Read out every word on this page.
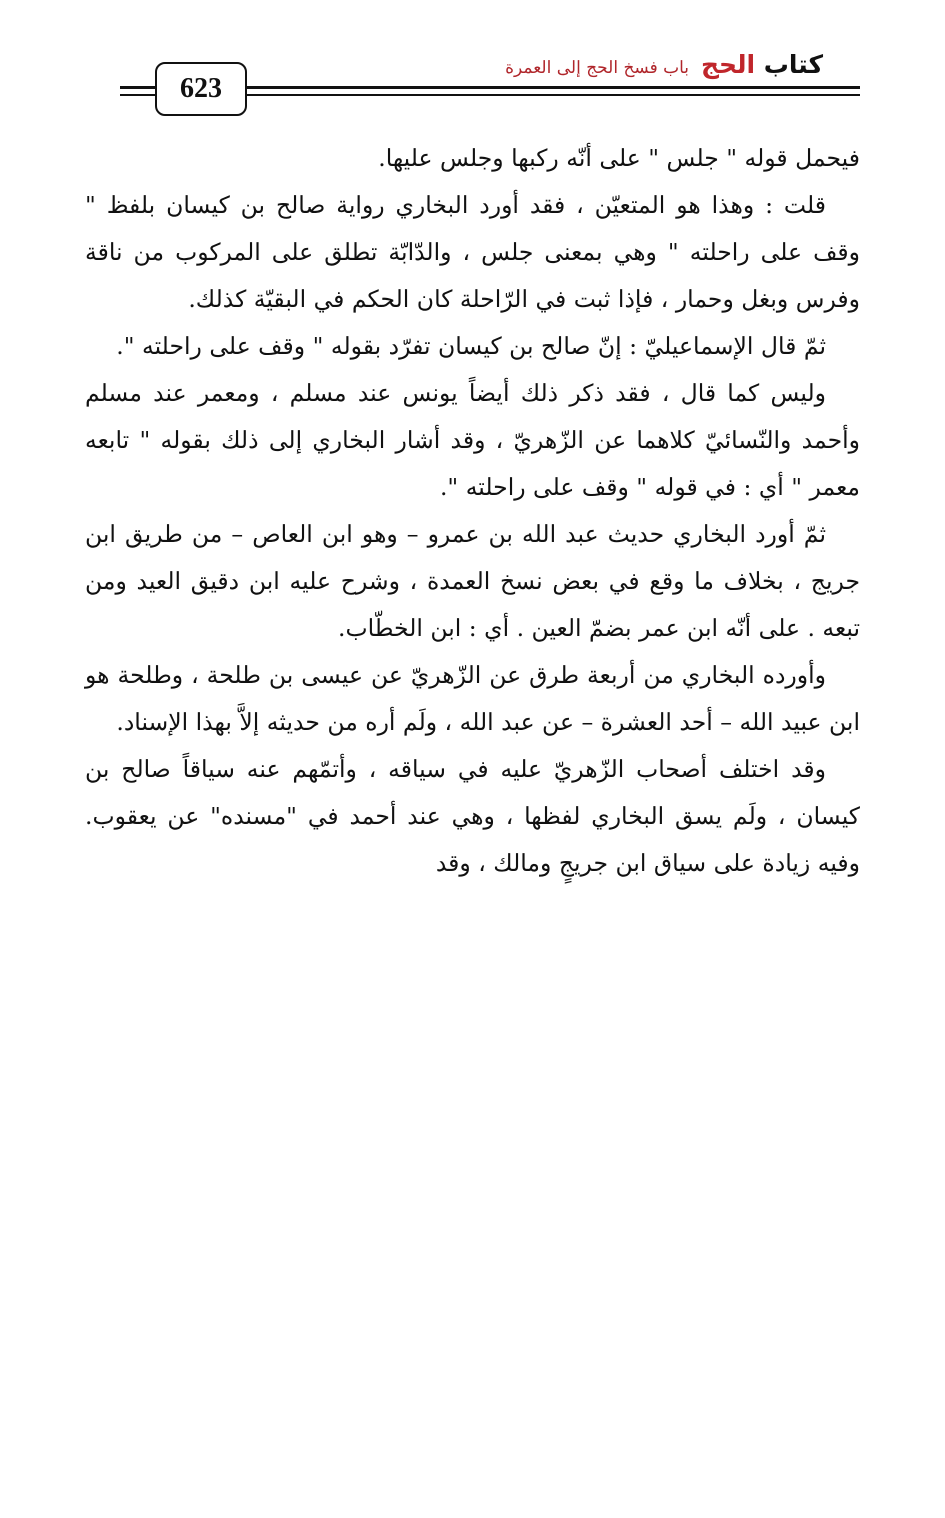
كتاب الحج
باب فسخ الحج إلى العمرة
623

فيحمل قوله " جلس " على أنّه ركبها وجلس عليها.

قلت : وهذا هو المتعيّن ، فقد أورد البخاري رواية صالح بن كيسان بلفظ " وقف على راحلته " وهي بمعنى جلس ، والدّابّة تطلق على المركوب من ناقة وفرس وبغل وحمار ، فإذا ثبت في الرّاحلة كان الحكم في البقيّة كذلك.

ثمّ قال الإسماعيليّ : إنّ صالح بن كيسان تفرّد بقوله " وقف على راحلته ".

وليس كما قال ، فقد ذكر ذلك أيضاً يونس عند مسلم ، ومعمر عند مسلم وأحمد والنّسائيّ كلاهما عن الزّهريّ ، وقد أشار البخاري إلى ذلك بقوله " تابعه معمر " أي : في قوله " وقف على راحلته ".

ثمّ أورد البخاري حديث عبد الله بن عمرو – وهو ابن العاص – من طريق ابن جريج ، بخلاف ما وقع في بعض نسخ العمدة ، وشرح عليه ابن دقيق العيد ومن تبعه . على أنّه ابن عمر بضمّ العين . أي : ابن الخطّاب.

وأورده البخاري من أربعة طرق عن الزّهريّ عن عيسى بن طلحة ، وطلحة هو ابن عبيد الله – أحد العشرة – عن عبد الله ، ولَم أره من حديثه إلاَّ بهذا الإسناد.

وقد اختلف أصحاب الزّهريّ عليه في سياقه ، وأتمّهم عنه سياقاً صالح بن كيسان ، ولَم يسق البخاري لفظها ، وهي عند أحمد في "مسنده" عن يعقوب. وفيه زيادة على سياق ابن جريجٍ ومالك ، وقد
